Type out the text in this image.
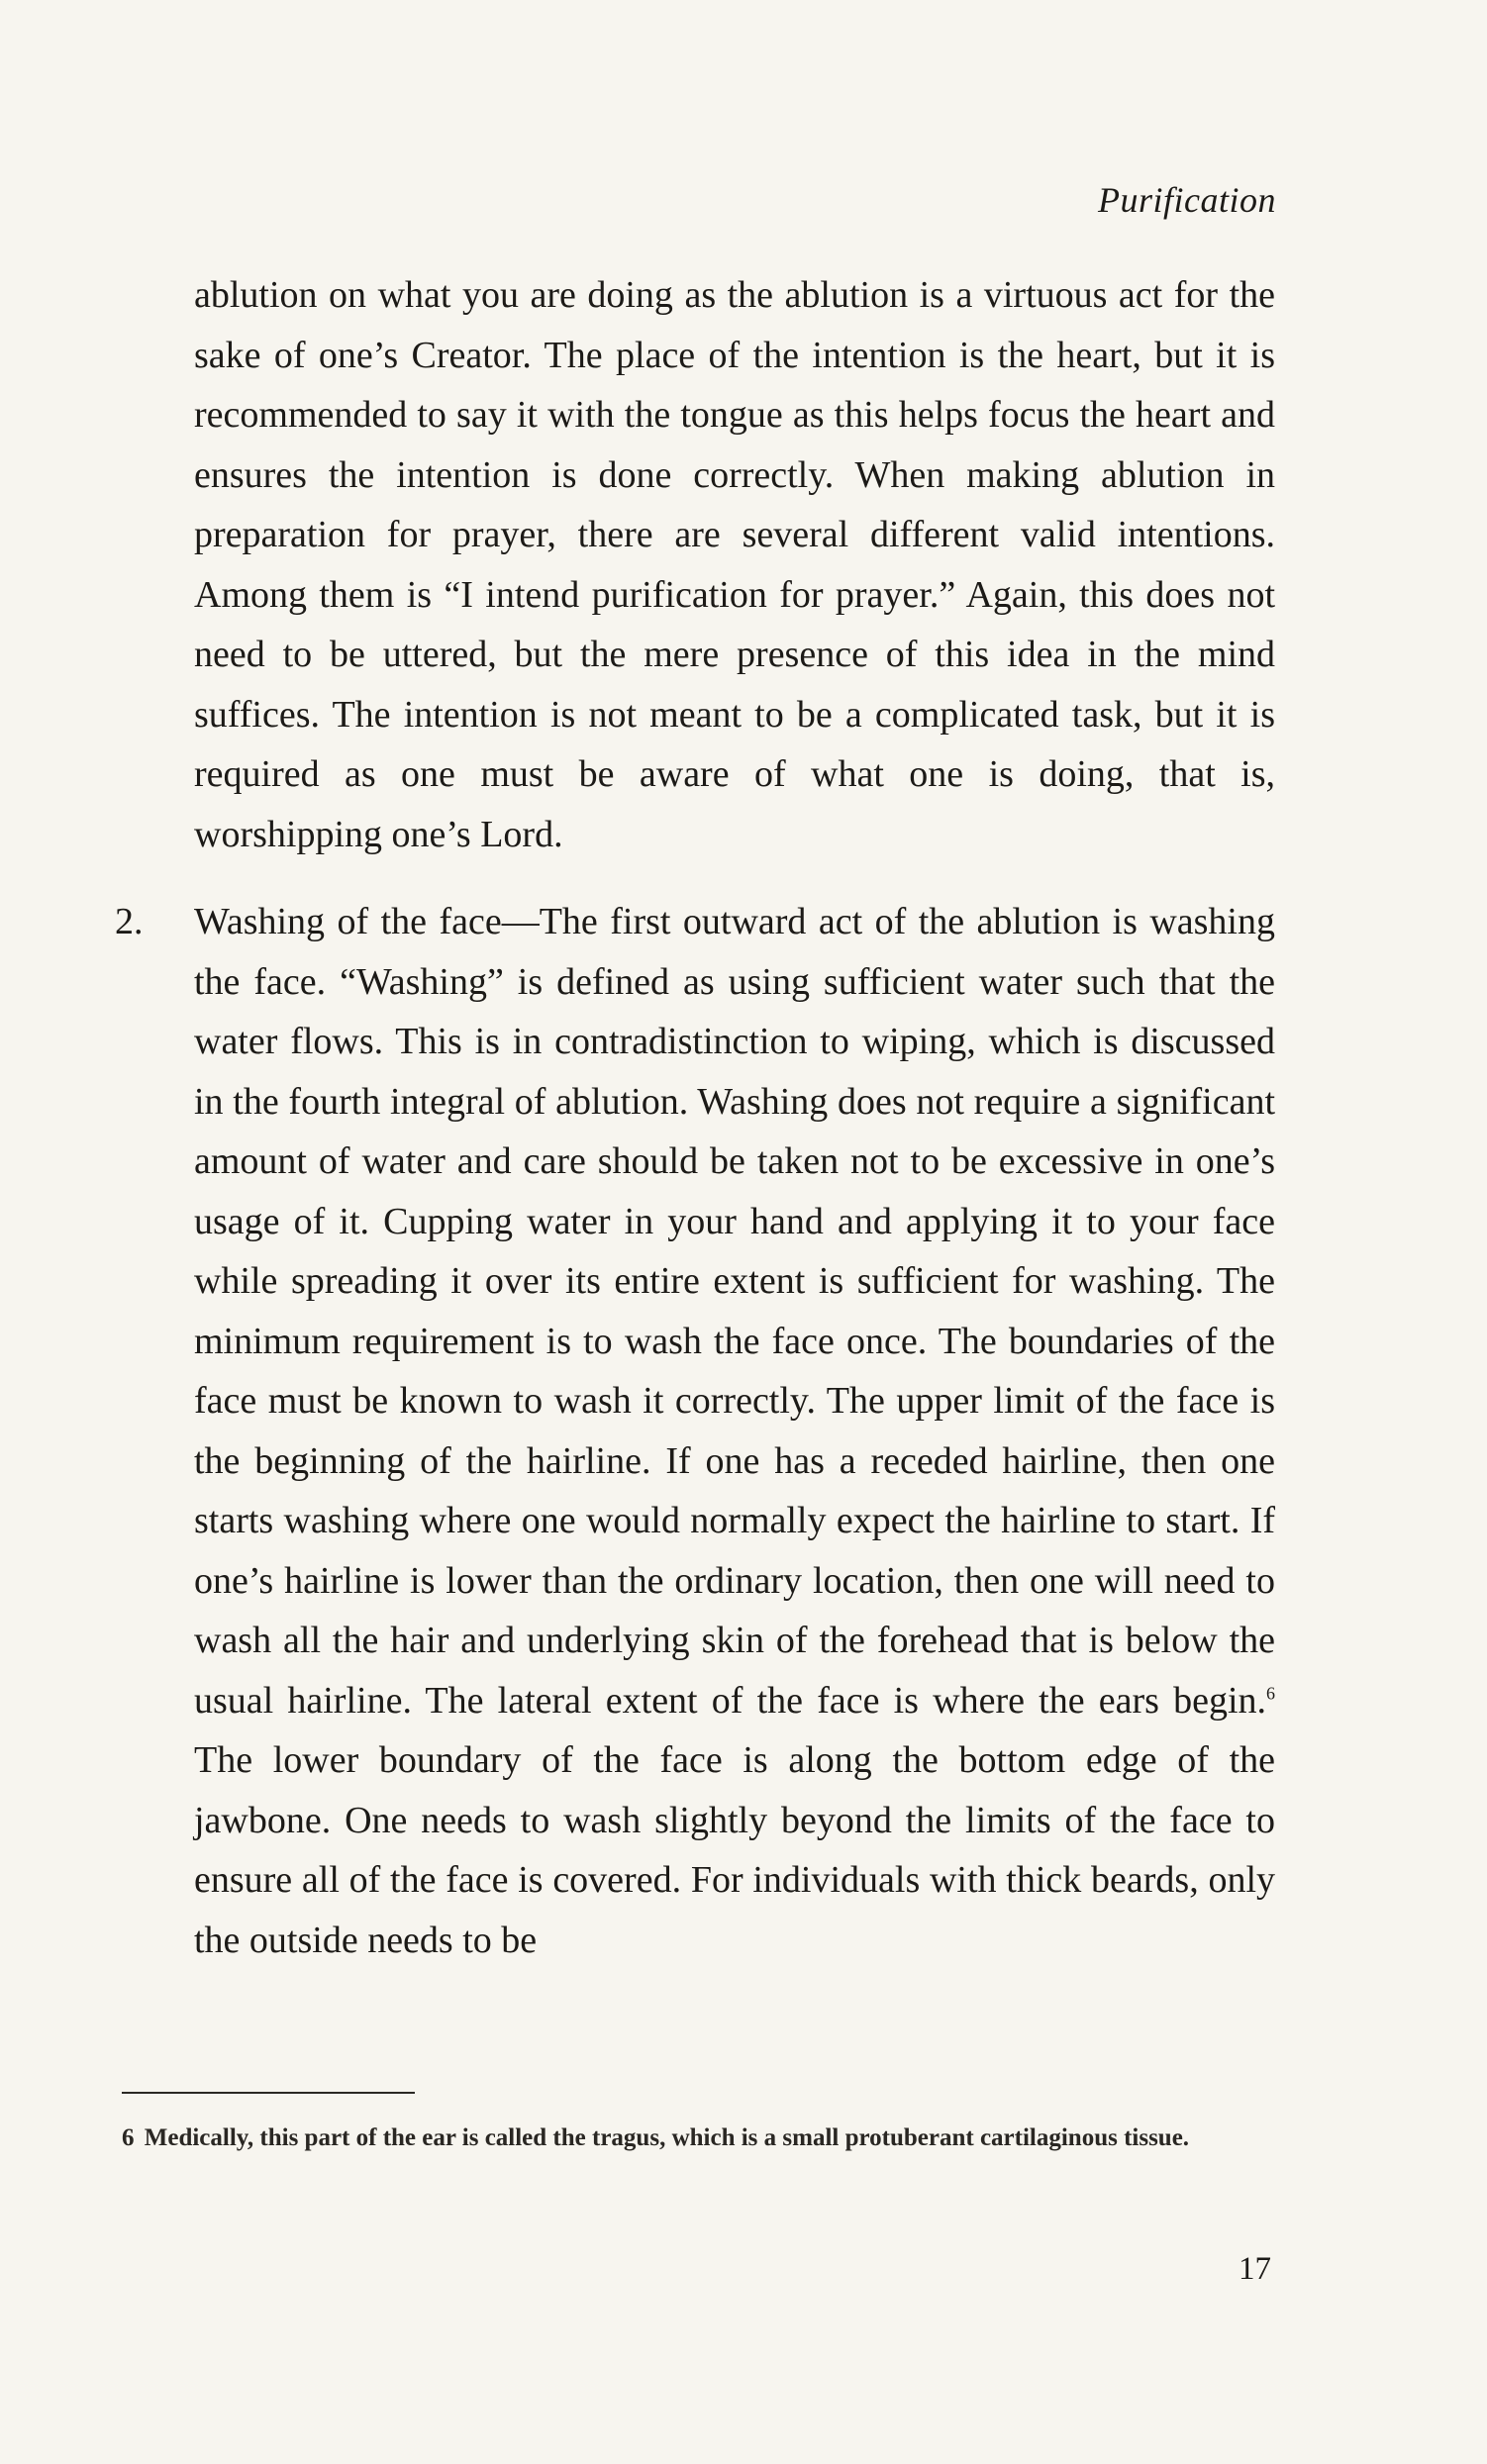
Purification

ablution on what you are doing as the ablution is a virtuous act for the sake of one’s Creator. The place of the intention is the heart, but it is recommended to say it with the tongue as this helps focus the heart and ensures the intention is done correctly. When making ablution in preparation for prayer, there are several different valid intentions. Among them is “I intend purification for prayer.” Again, this does not need to be uttered, but the mere presence of this idea in the mind suffices. The intention is not meant to be a complicated task, but it is required as one must be aware of what one is doing, that is, worshipping one’s Lord.

2. Washing of the face—The first outward act of the ablution is washing the face. “Washing” is defined as using sufficient water such that the water flows. This is in contradistinction to wiping, which is discussed in the fourth integral of ablution. Washing does not require a significant amount of water and care should be taken not to be excessive in one’s usage of it. Cupping water in your hand and applying it to your face while spreading it over its entire extent is sufficient for washing. The minimum requirement is to wash the face once. The boundaries of the face must be known to wash it correctly. The upper limit of the face is the beginning of the hairline. If one has a receded hairline, then one starts washing where one would normally expect the hairline to start. If one’s hairline is lower than the ordinary location, then one will need to wash all the hair and underlying skin of the forehead that is below the usual hairline. The lateral extent of the face is where the ears begin.$^6$ The lower boundary of the face is along the bottom edge of the jawbone. One needs to wash slightly beyond the limits of the face to ensure all of the face is covered. For individuals with thick beards, only the outside needs to be

6 Medically, this part of the ear is called the tragus, which is a small protuberant cartilaginous tissue.
17
